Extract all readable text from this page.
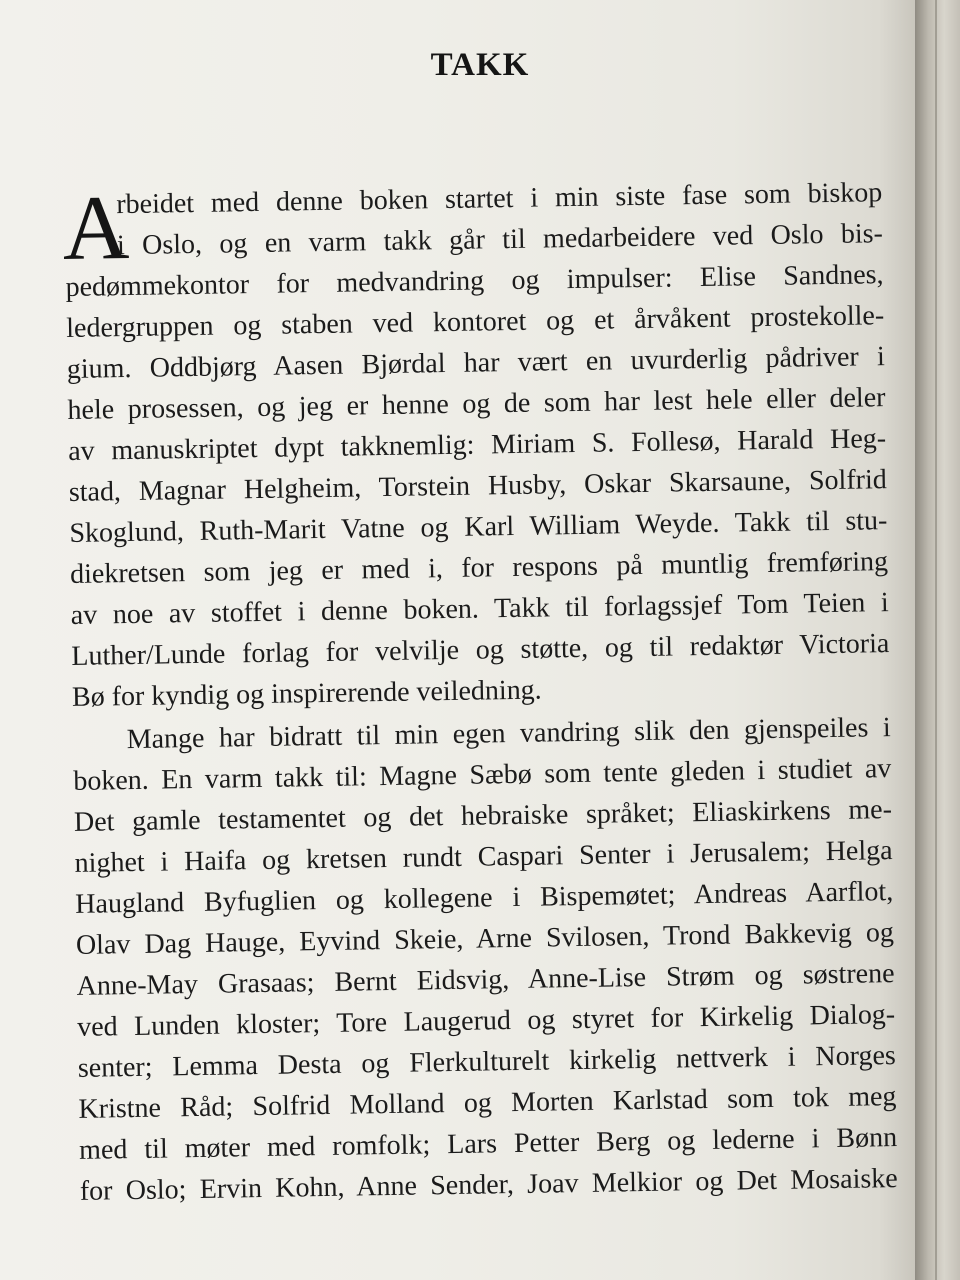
TAKK
A
rbeidet med denne boken startet i min siste fase som biskop
i Oslo, og en varm takk går til medarbeidere ved Oslo bis-
pedømmekontor for medvandring og impulser: Elise Sandnes,
ledergruppen og staben ved kontoret og et årvåkent prostekolle-
gium. Oddbjørg Aasen Bjørdal har vært en uvurderlig pådriver i
hele prosessen, og jeg er henne og de som har lest hele eller deler
av manuskriptet dypt takknemlig: Miriam S. Follesø, Harald Heg-
stad, Magnar Helgheim, Torstein Husby, Oskar Skarsaune, Solfrid
Skoglund, Ruth-Marit Vatne og Karl William Weyde. Takk til stu-
diekretsen som jeg er med i, for respons på muntlig fremføring
av noe av stoffet i denne boken. Takk til forlagssjef Tom Teien i
Luther/Lunde forlag for velvilje og støtte, og til redaktør Victoria
Bø for kyndig og inspirerende veiledning.
Mange har bidratt til min egen vandring slik den gjenspeiles i
boken. En varm takk til: Magne Sæbø som tente gleden i studiet av
Det gamle testamentet og det hebraiske språket; Eliaskirkens me-
nighet i Haifa og kretsen rundt Caspari Senter i Jerusalem; Helga
Haugland Byfuglien og kollegene i Bispemøtet; Andreas Aarflot,
Olav Dag Hauge, Eyvind Skeie, Arne Svilosen, Trond Bakkevig og
Anne-May Grasaas; Bernt Eidsvig, Anne-Lise Strøm og søstrene
ved Lunden kloster; Tore Laugerud og styret for Kirkelig Dialog-
senter; Lemma Desta og Flerkulturelt kirkelig nettverk i Norges
Kristne Råd; Solfrid Molland og Morten Karlstad som tok meg
med til møter med romfolk; Lars Petter Berg og lederne i Bønn
for Oslo; Ervin Kohn, Anne Sender, Joav Melkior og Det Mosaiske
